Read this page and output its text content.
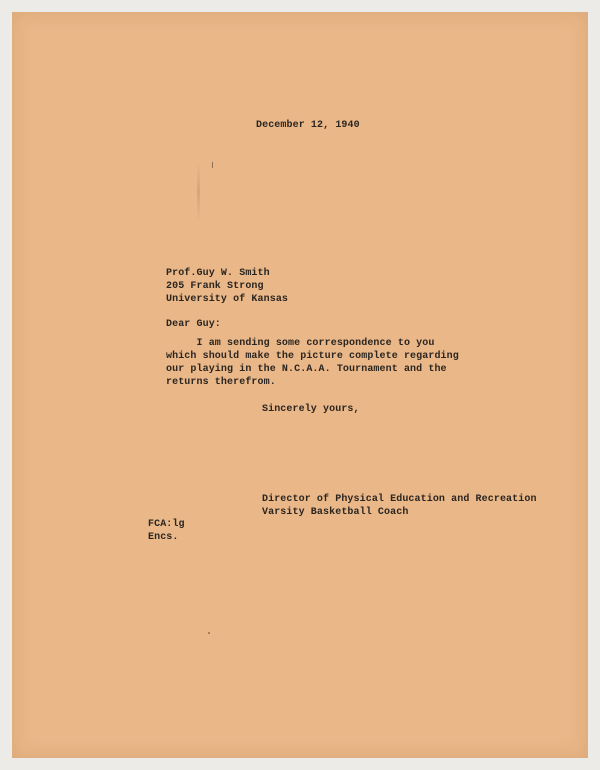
December 12, 1940

Prof.Guy W. Smith
205 Frank Strong
University of Kansas

Dear Guy:

I am sending some correspondence to you
which should make the picture complete regarding
our playing in the N.C.A.A. Tournament and the
returns therefrom.

Sincerely yours,

Director of Physical Education and Recreation
Varsity Basketball Coach
FCA:lg
Encs.
